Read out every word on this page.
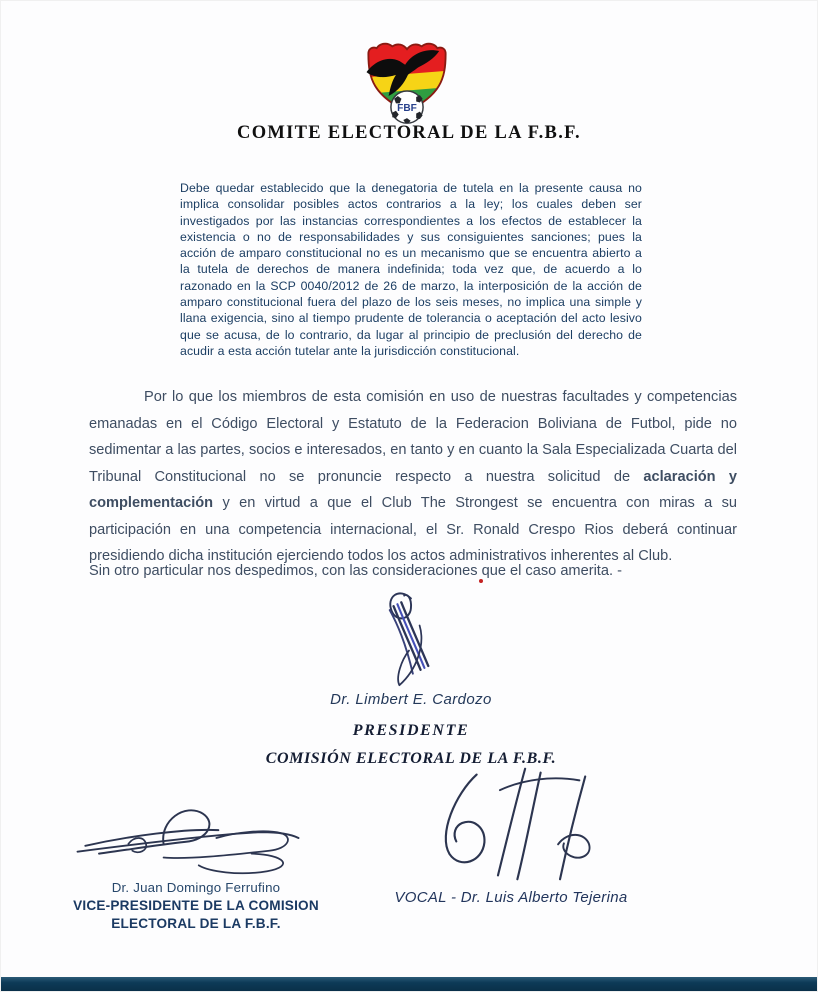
FBF
COMITE ELECTORAL DE LA F.B.F.
Debe quedar establecido que la denegatoria de tutela en la presente causa no implica consolidar posibles actos contrarios a la ley; los cuales deben ser investigados por las instancias correspondientes a los efectos de establecer la existencia o no de responsabilidades y sus consiguientes sanciones; pues la acción de amparo constitucional no es un mecanismo que se encuentra abierto a la tutela de derechos de manera indefinida; toda vez que, de acuerdo a lo razonado en la SCP 0040/2012 de 26 de marzo, la interposición de la acción de amparo constitucional fuera del plazo de los seis meses, no implica una simple y llana exigencia, sino al tiempo prudente de tolerancia o aceptación del acto lesivo que se acusa, de lo contrario, da lugar al principio de preclusión del derecho de acudir a esta acción tutelar ante la jurisdicción constitucional.

Por lo que los miembros de esta comisión en uso de nuestras facultades y competencias emanadas en el Código Electoral y Estatuto de la Federacion Boliviana de Futbol, pide no sedimentar a las partes, socios e interesados, en tanto y en cuanto la Sala Especializada Cuarta del Tribunal Constitucional no se pronuncie respecto a nuestra solicitud de aclaración y complementación y en virtud a que el Club The Strongest se encuentra con miras a su participación en una competencia internacional, el Sr. Ronald Crespo Rios deberá continuar presidiendo dicha institución ejerciendo todos los actos administrativos inherentes al Club.

Sin otro particular nos despedimos, con las consideraciones que el caso amerita. -
Dr. Limbert E. Cardozo
PRESIDENTE
COMISIÓN ELECTORAL DE LA F.B.F.
Dr. Juan Domingo Ferrufino
VICE-PRESIDENTE DE LA COMISION
ELECTORAL DE LA F.B.F.
VOCAL - Dr. Luis Alberto Tejerina
